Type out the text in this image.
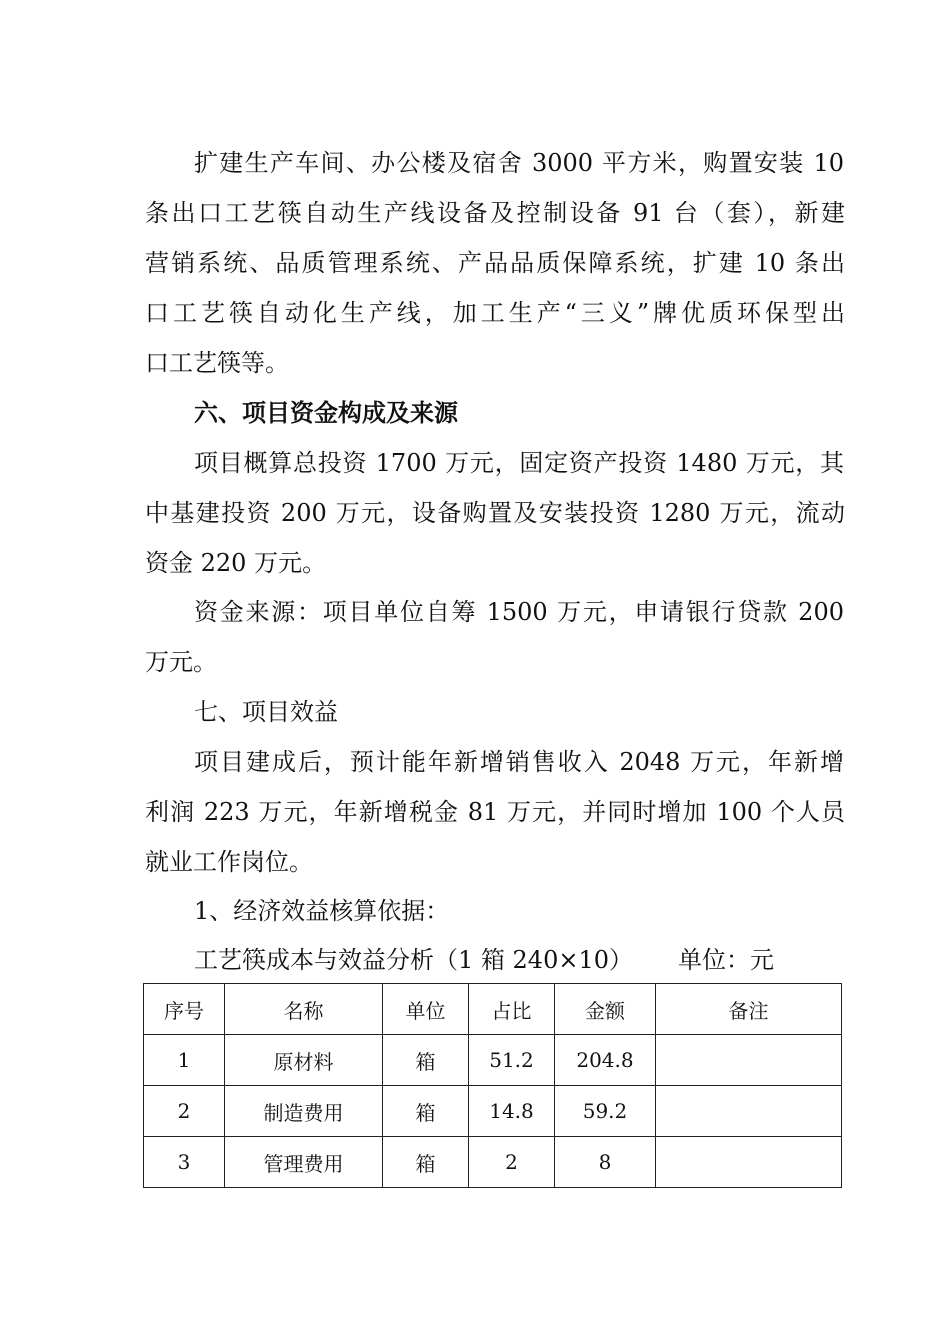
扩建生产车间、办公楼及宿舍 3000 平方米，购置安装 10
条出口工艺筷自动生产线设备及控制设备 91 台（套），新建
营销系统、品质管理系统、产品品质保障系统，扩建 10 条出
口工艺筷自动化生产线，加工生产“三义”牌优质环保型出
口工艺筷等。
六、项目资金构成及来源
项目概算总投资 1700 万元，固定资产投资 1480 万元，其
中基建投资 200 万元，设备购置及安装投资 1280 万元，流动
资金 220 万元。
资金来源：项目单位自筹 1500 万元，申请银行贷款 200
万元。
七、项目效益
项目建成后，预计能年新增销售收入 2048 万元，年新增
利润 223 万元，年新增税金 81 万元，并同时增加 100 个人员
就业工作岗位。
1、经济效益核算依据：
工艺筷成本与效益分析（1 箱 240×10）	单位：元
序号	名称	单位	占比	金额	备注
1	原材料	箱	51.2	204.8	
2	制造费用	箱	14.8	59.2	
3	管理费用	箱	2	8	
